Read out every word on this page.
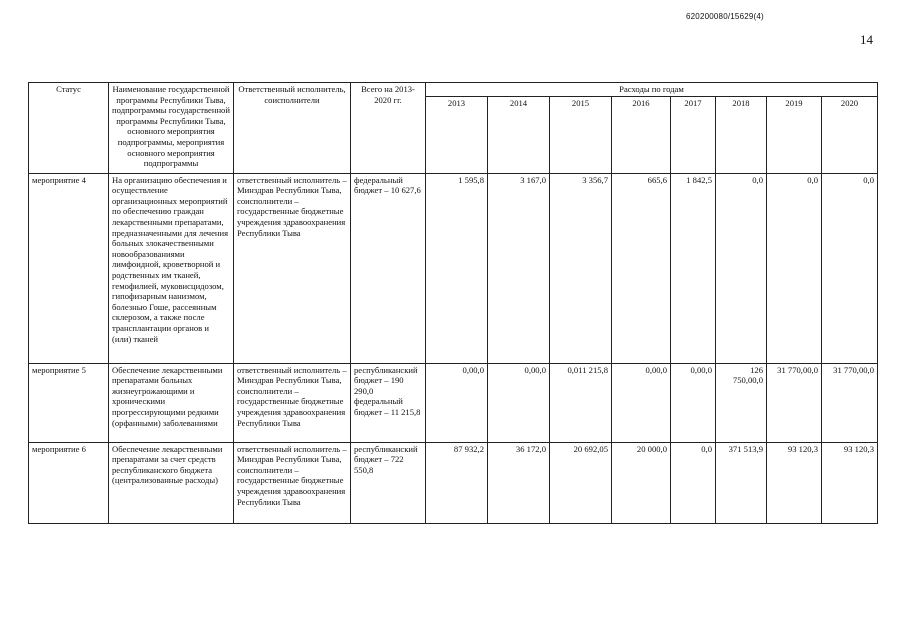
620200080/15629(4)
14
Статус	Наименование государственной программы Республики Тыва, подпрограммы государственной программы Республики Тыва, основного мероприятия подпрограммы, мероприятия основного мероприятия подпрограммы	Ответственный исполнитель, соисполнители	Всего на 2013-2020 гг.	Расходы по годам							
				2013	2014	2015	2016	2017	2018	2019	2020
мероприятие 4	На организацию обеспечения и осуществление организационных мероприятий по обеспечению граждан лекарственными препаратами, предназначенными для лечения больных злокачественными новообразованиями лимфоидной, кроветворной и родственных им тканей, гемофилией, муковисцидозом, гипофизарным нанизмом, болезнью Гоше, рассеянным склерозом, а также после трансплантации органов и (или) тканей	ответственный исполнитель – Минздрав Республики Тыва, соисполнители – государственные бюджетные учреждения здравоохранения Республики Тыва	федеральный бюджет – 10 627,6	1 595,8	3 167,0	3 356,7	665,6	1 842,5	0,0	0,0	0,0
мероприятие 5	Обеспечение лекарственными препаратами больных жизнеугрожающими и хроническими прогрессирующими редкими (орфанными) заболеваниями	ответственный исполнитель – Минздрав Республики Тыва, соисполнители – государственные бюджетные учреждения здравоохранения Республики Тыва	республиканский бюджет – 190 290,0 федеральный бюджет – 11 215,8	0,00,0	0,00,0	0,011 215,8	0,00,0	0,00,0	126 750,00,0	31 770,00,0	31 770,00,0
мероприятие 6	Обеспечение лекарственными препаратами за счет средств республиканского бюджета (централизованные расходы)	ответственный исполнитель – Минздрав Республики Тыва, соисполнители – государственные бюджетные учреждения здравоохранения Республики Тыва	республиканский бюджет – 722 550,8	87 932,2	36 172,0	20 692,05	20 000,0	0,0	371 513,9	93 120,3	93 120,3
